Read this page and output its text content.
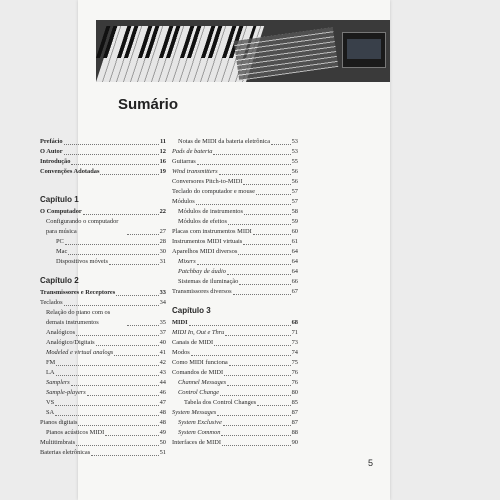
Sumário
5
Prefácio	11
O Autor	12
Introdução	16
Convenções Adotadas	19
Capítulo 1
O Computador	22
Configurando o computador para música	27
PC	28
Mac	30
Dispositivos móveis	31
Capítulo 2
Transmissores e Receptores	33
Teclados	34
Relação do piano com os demais instrumentos	35
Analógicos	37
Analógico/Digitais	40
Modeled e virtual analogs	41
FM	42
LA	43
Samplers	44
Sample-players	46
VS	47
SA	48
Pianos digitais	48
Pianos acústicos MIDI	49
Multitimbrais	50
Baterias eletrônicas	51
Notas de MIDI da bateria eletrônica	53
Pads de bateria	53
Guitarras	55
Wind transmitters	56
Conversores Pitch-to-MIDI	56
Teclado do computador e mouse	57
Módulos	57
Módulos de instrumentos	58
Módulos de efeitos	59
Placas com instrumentos MIDI	60
Instrumentos MIDI virtuais	61
Aparelhos MIDI diversos	64
Mixers	64
Patchbay de áudio	64
Sistemas de iluminação	66
Transmissores diversos	67
Capítulo 3
MIDI	68
MIDI In, Out e Thru	71
Canais de MIDI	73
Modos	74
Como MIDI funciona	75
Comandos de MIDI	76
Channel Messages	76
Control Change	80
Tabela dos Control Changes	85
System Messages	87
System Exclusive	87
System Common	88
Interfaces de MIDI	90
